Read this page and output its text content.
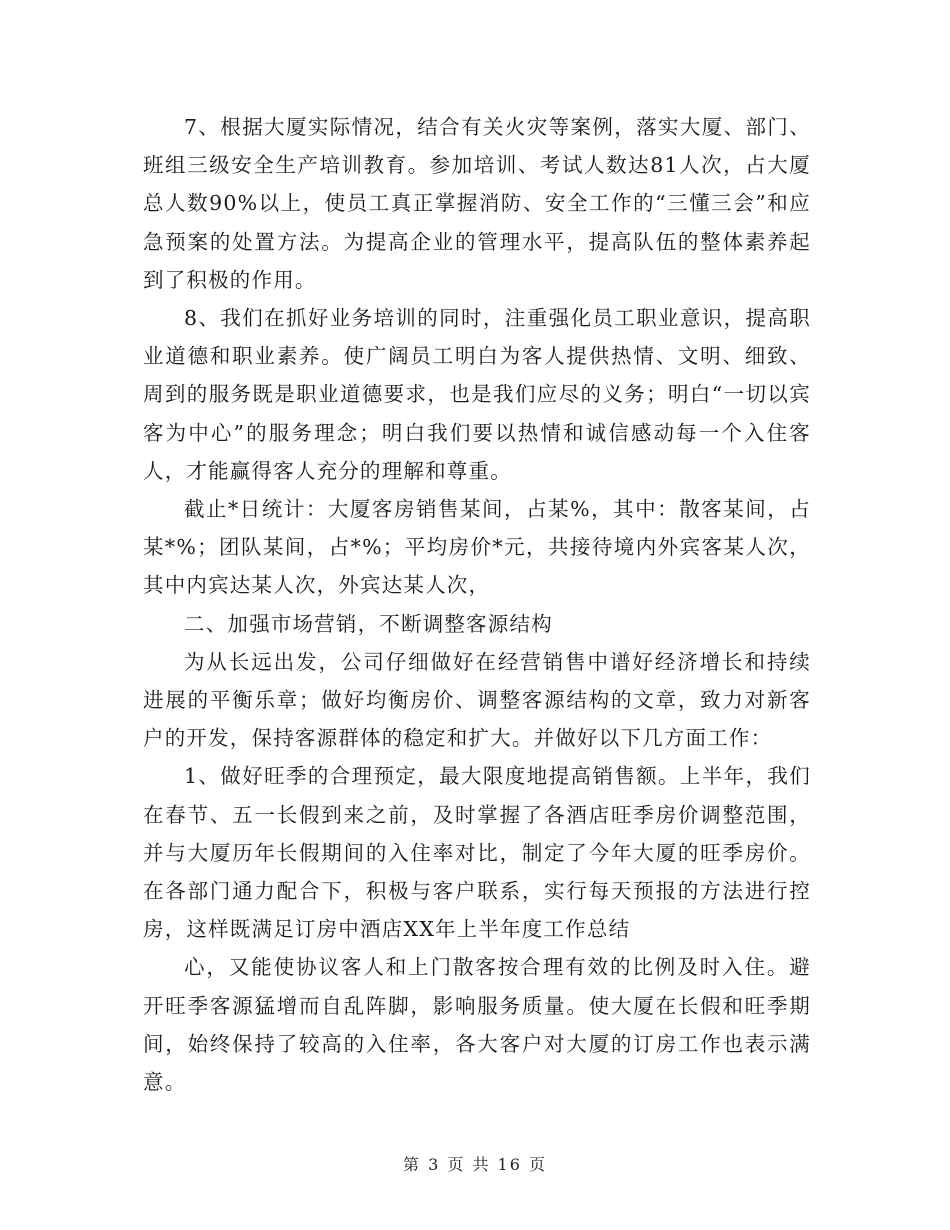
7、根据大厦实际情况，结合有关火灾等案例，落实大厦、部门、班组三级安全生产培训教育。参加培训、考试人数达81人次，占大厦总人数90%以上，使员工真正掌握消防、安全工作的“三懂三会”和应急预案的处置方法。为提高企业的管理水平，提高队伍的整体素养起到了积极的作用。

8、我们在抓好业务培训的同时，注重强化员工职业意识，提高职业道德和职业素养。使广阔员工明白为客人提供热情、文明、细致、周到的服务既是职业道德要求，也是我们应尽的义务；明白“一切以宾客为中心”的服务理念；明白我们要以热情和诚信感动每一个入住客人，才能赢得客人充分的理解和尊重。

截止*日统计：大厦客房销售某间，占某%，其中：散客某间，占某*%；团队某间，占*%；平均房价*元，共接待境内外宾客某人次，其中内宾达某人次，外宾达某人次，

二、加强市场营销，不断调整客源结构

为从长远出发，公司仔细做好在经营销售中谱好经济增长和持续进展的平衡乐章；做好均衡房价、调整客源结构的文章，致力对新客户的开发，保持客源群体的稳定和扩大。并做好以下几方面工作：

1、做好旺季的合理预定，最大限度地提高销售额。上半年，我们在春节、五一长假到来之前，及时掌握了各酒店旺季房价调整范围，并与大厦历年长假期间的入住率对比，制定了今年大厦的旺季房价。在各部门通力配合下，积极与客户联系，实行每天预报的方法进行控房，这样既满足订房中酒店XX年上半年度工作总结

心，又能使协议客人和上门散客按合理有效的比例及时入住。避开旺季客源猛增而自乱阵脚，影响服务质量。使大厦在长假和旺季期间，始终保持了较高的入住率，各大客户对大厦的订房工作也表示满意。

第 3 页 共 16 页
